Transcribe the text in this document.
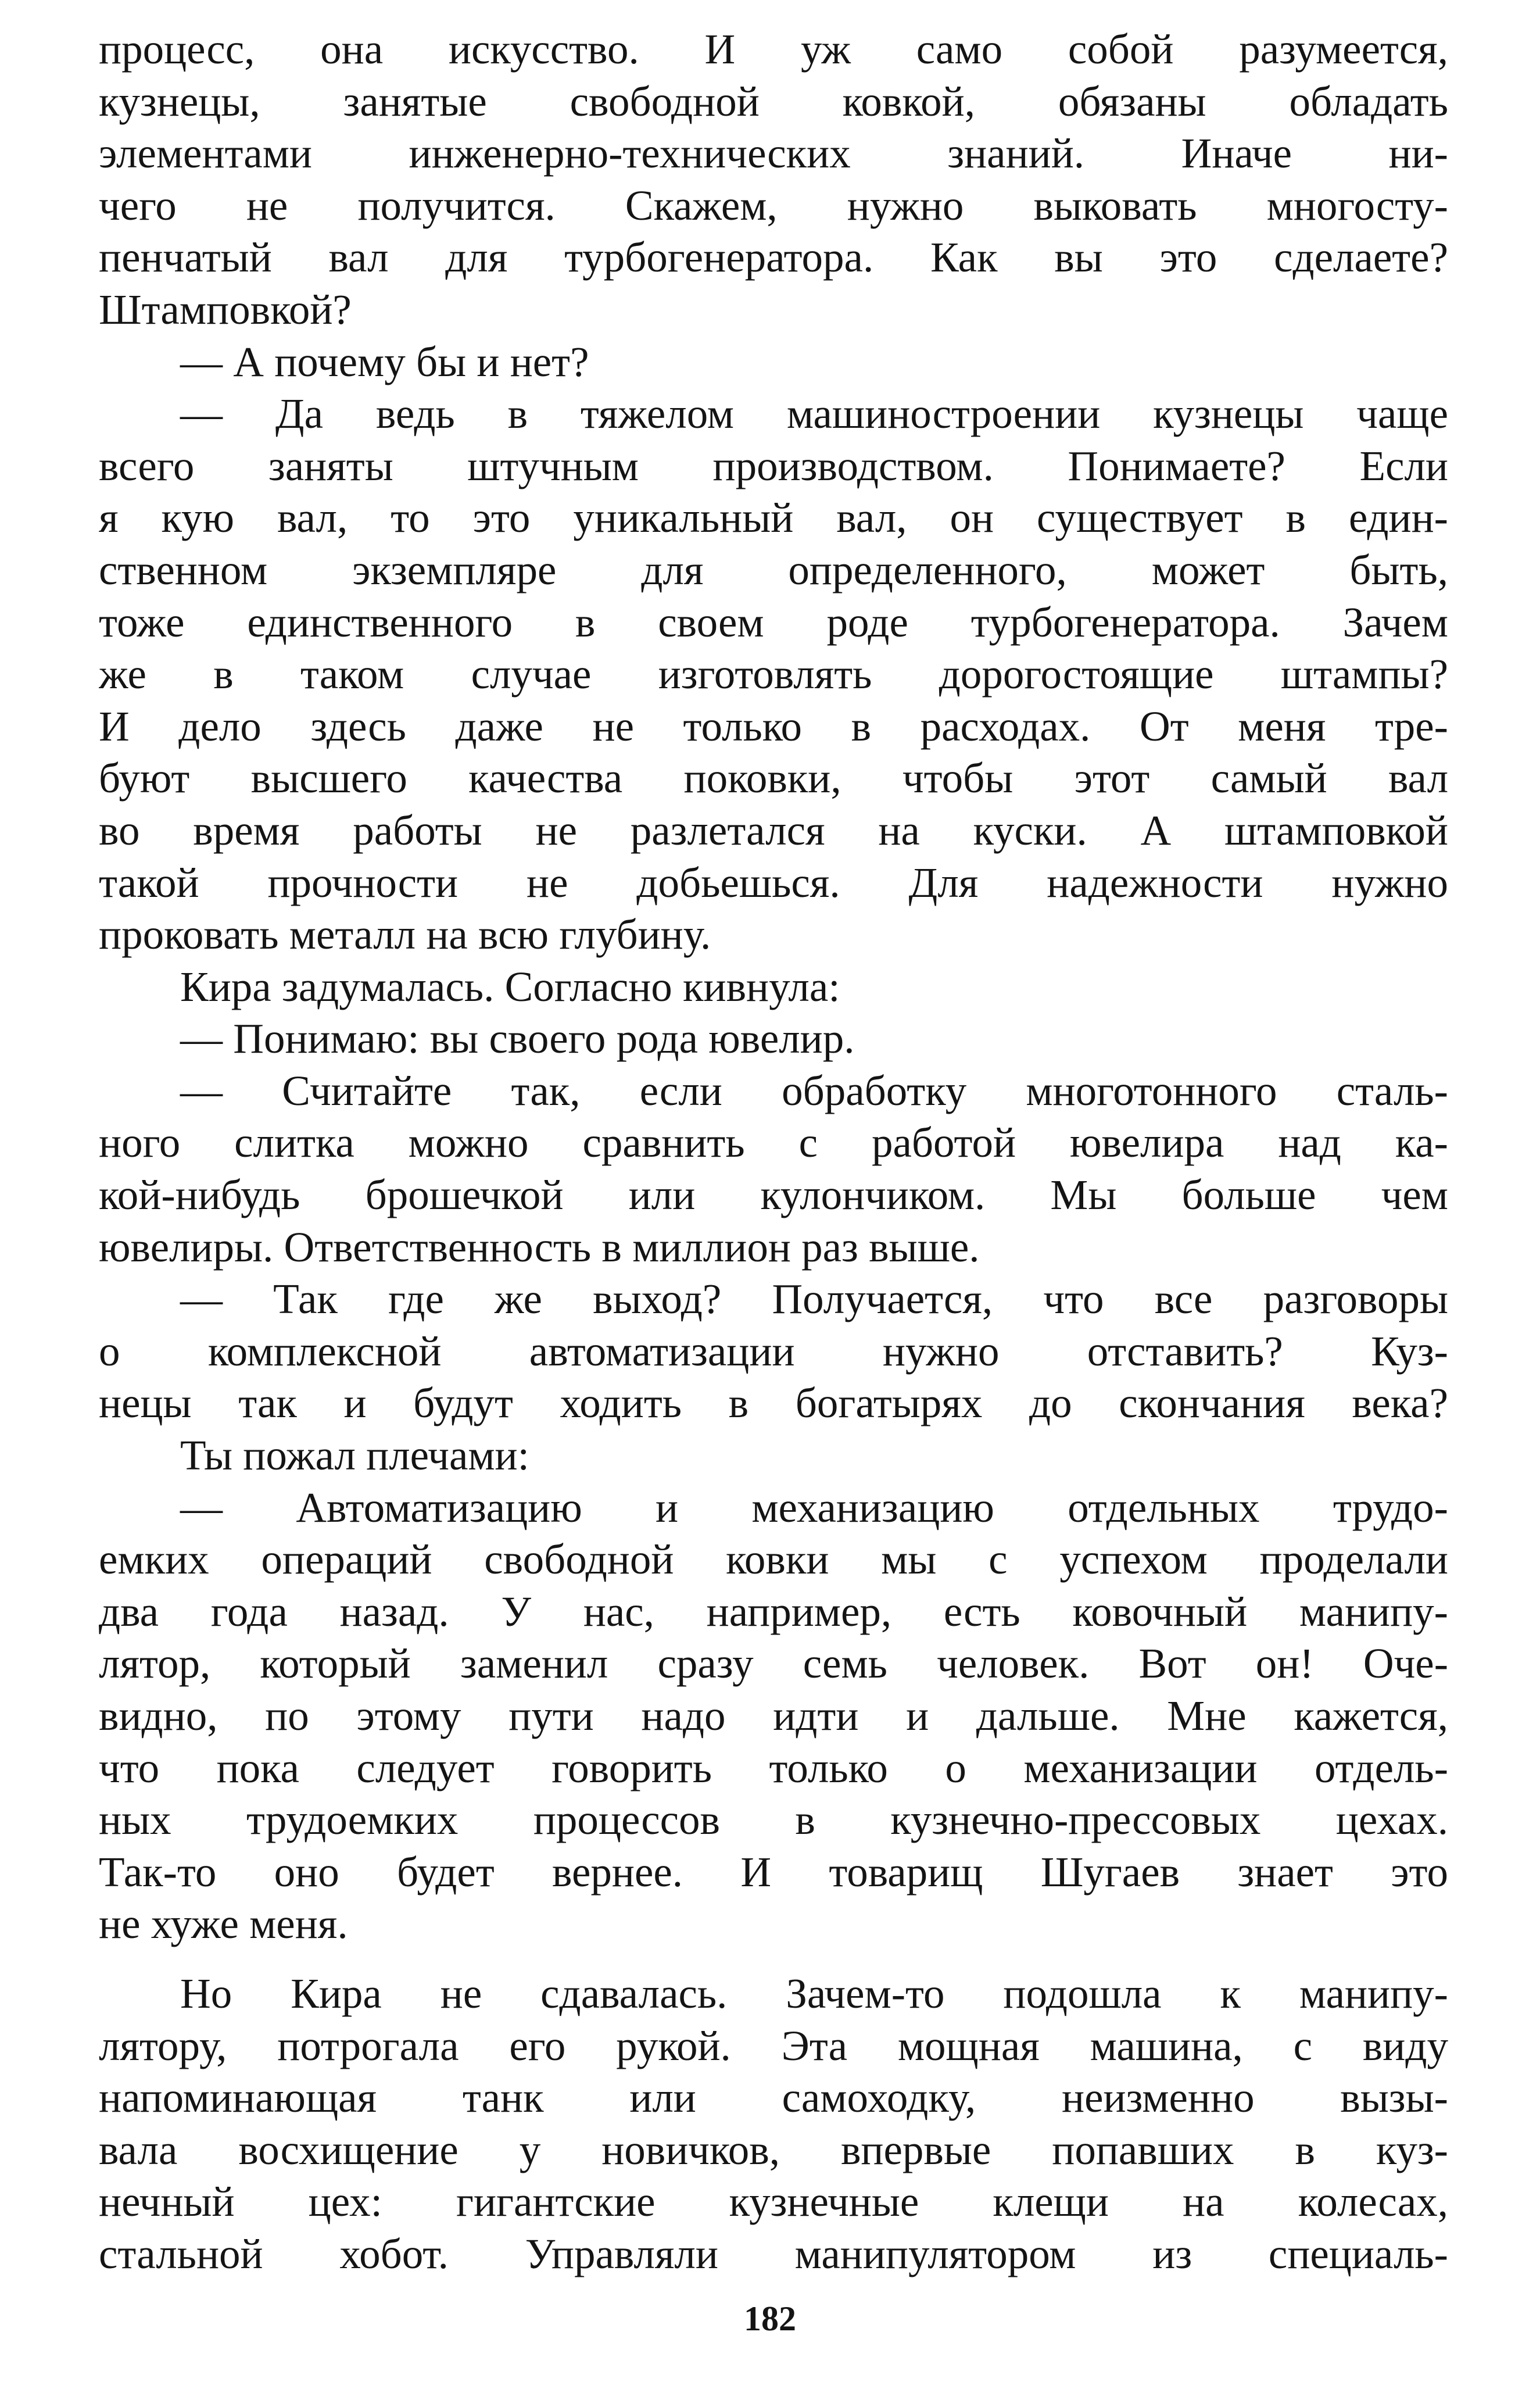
процесс, она искусство. И уж само собой разумеется,
кузнецы, занятые свободной ковкой, обязаны обладать
элементами инженерно-технических знаний. Иначе ни-
чего не получится. Скажем, нужно выковать многосту-
пенчатый вал для турбогенератора. Как вы это сделаете?
Штамповкой?
— А почему бы и нет?
— Да ведь в тяжелом машиностроении кузнецы чаще
всего заняты штучным производством. Понимаете? Если
я кую вал, то это уникальный вал, он существует в един-
ственном экземпляре для определенного, может быть,
тоже единственного в своем роде турбогенератора. Зачем
же в таком случае изготовлять дорогостоящие штампы?
И дело здесь даже не только в расходах. От меня тре-
буют высшего качества поковки, чтобы этот самый вал
во время работы не разлетался на куски. А штамповкой
такой прочности не добьешься. Для надежности нужно
проковать металл на всю глубину.
Кира задумалась. Согласно кивнула:
— Понимаю: вы своего рода ювелир.
— Считайте так, если обработку многотонного сталь-
ного слитка можно сравнить с работой ювелира над ка-
кой-нибудь брошечкой или кулончиком. Мы больше чем
ювелиры. Ответственность в миллион раз выше.
— Так где же выход? Получается, что все разговоры
о комплексной автоматизации нужно отставить? Куз-
нецы так и будут ходить в богатырях до скончания века?
Ты пожал плечами:
— Автоматизацию и механизацию отдельных трудо-
емких операций свободной ковки мы с успехом проделали
два года назад. У нас, например, есть ковочный манипу-
лятор, который заменил сразу семь человек. Вот он! Оче-
видно, по этому пути надо идти и дальше. Мне кажется,
что пока следует говорить только о механизации отдель-
ных трудоемких процессов в кузнечно-прессовых цехах.
Так-то оно будет вернее. И товарищ Шугаев знает это
не хуже меня.
Но Кира не сдавалась. Зачем-то подошла к манипу-
лятору, потрогала его рукой. Эта мощная машина, с виду
напоминающая танк или самоходку, неизменно вызы-
вала восхищение у новичков, впервые попавших в куз-
нечный цех: гигантские кузнечные клещи на колесах,
стальной хобот. Управляли манипулятором из специаль-
182
